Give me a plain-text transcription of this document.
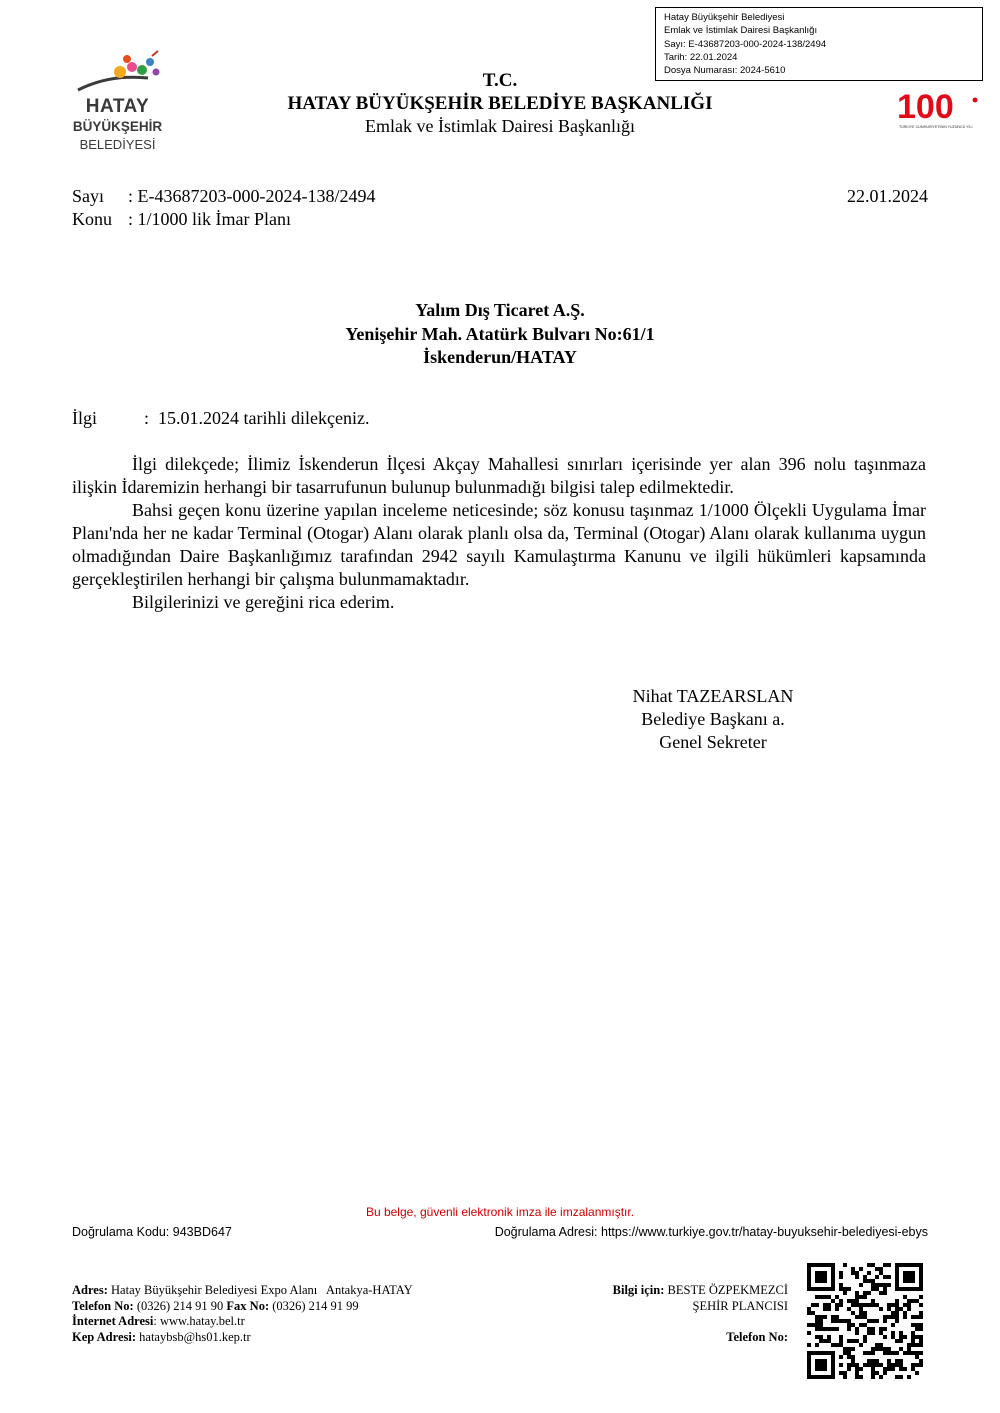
Hatay Büyükşehir Belediyesi
Emlak ve İstimlak Dairesi Başkanlığı
Sayı: E-43687203-000-2024-138/2494
Tarih: 22.01.2024
Dosya Numarası: 2024-5610
HATAY
BÜYÜKŞEHİR
BELEDİYESİ
T.C.
HATAY BÜYÜKŞEHİR BELEDİYE BAŞKANLIĞI
Emlak ve İstimlak Dairesi Başkanlığı	100
TÜRKİYE CUMHURİYETİNİN YÜZÜNCÜ YILI
Sayı : E-43687203-000-2024-138/2494
Konu : 1/1000 lik İmar Planı
22.01.2024
Yalım Dış Ticaret A.Ş.
Yenişehir Mah. Atatürk Bulvarı No:61/1
İskenderun/HATAY
İlgi	:  15.01.2024 tarihli dilekçeniz.

İlgi dilekçede; İlimiz İskenderun İlçesi Akçay Mahallesi sınırları içerisinde yer alan 396 nolu taşınmaza ilişkin İdaremizin herhangi bir tasarrufunun bulunup bulunmadığı bilgisi talep edilmektedir.

Bahsi geçen konu üzerine yapılan inceleme neticesinde; söz konusu taşınmaz 1/1000 Ölçekli Uygulama İmar Planı'nda her ne kadar Terminal (Otogar) Alanı olarak planlı olsa da, Terminal (Otogar) Alanı olarak kullanıma uygun olmadığından Daire Başkanlığımız tarafından 2942 sayılı Kamulaştırma Kanunu ve ilgili hükümleri kapsamında gerçekleştirilen herhangi bir çalışma bulunmamaktadır.

Bilgilerinizi ve gereğini rica ederim.

Nihat TAZEARSLAN
Belediye Başkanı a.
Genel Sekreter
Bu belge, güvenli elektronik imza ile imzalanmıştır.
Doğrulama Kodu: 943BD647	Doğrulama Adresi: https://www.turkiye.gov.tr/hatay-buyuksehir-belediyesi-ebys
Adres: Hatay Büyükşehir Belediyesi Expo Alanı Antakya-HATAY
Telefon No: (0326) 214 91 90 Fax No: (0326) 214 91 99
İnternet Adresi: www.hatay.bel.tr
Kep Adresi: hataybsb@hs01.kep.tr
Bilgi için: BESTE ÖZPEKMEZCİ
ŞEHİR PLANCISI

Telefon No:
